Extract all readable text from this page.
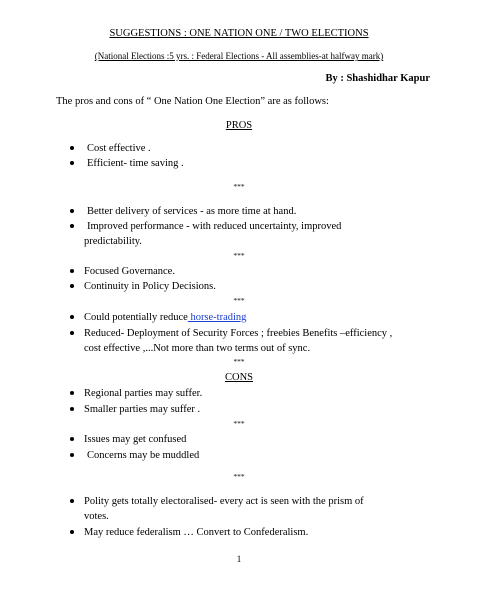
SUGGESTIONS : ONE NATION ONE / TWO ELECTIONS
(National Elections :5 yrs. : Federal Elections - All assemblies-at halfway mark)
By : Shashidhar Kapur
The pros and cons of “ One Nation One Election” are as follows:
PROS
Cost effective .
Efficient- time saving .
***
Better delivery of services - as more time at hand.
Improved performance - with reduced uncertainty, improved
predictability.
***
Focused Governance.
Continuity in Policy Decisions.
***
Could potentially reduce horse-trading
Reduced- Deployment of Security Forces ; freebies Benefits –efficiency ,
cost effective ,...Not more than two terms out of sync.
***
CONS
Regional parties may suffer.
Smaller parties may suffer .
***
Issues may get confused
Concerns may be muddled
***
Polity gets totally electoralised- every act is seen with the prism of
votes.
May reduce federalism … Convert to Confederalism.
1
